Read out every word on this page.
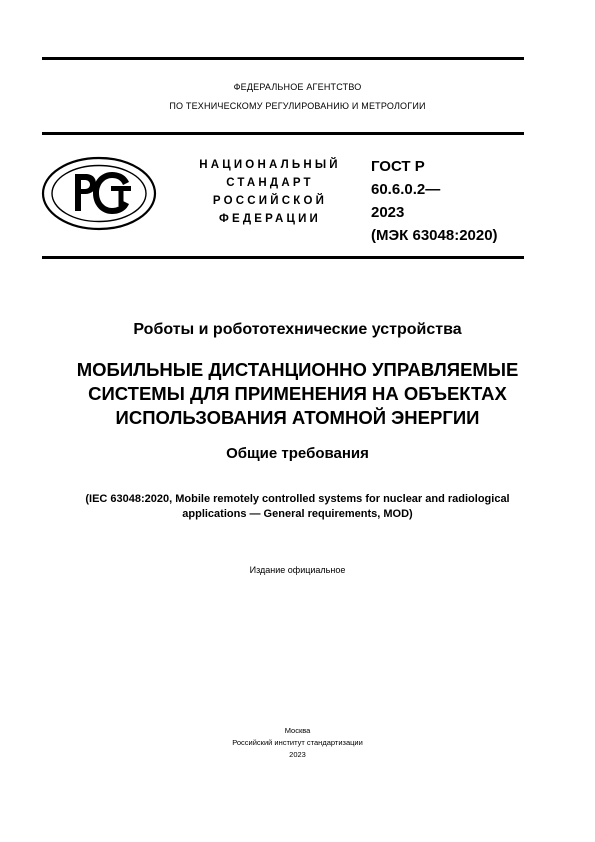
ФЕДЕРАЛЬНОЕ АГЕНТСТВО
ПО ТЕХНИЧЕСКОМУ РЕГУЛИРОВАНИЮ И МЕТРОЛОГИИ
НАЦИОНАЛЬНЫЙ
СТАНДАРТ
РОССИЙСКОЙ
ФЕДЕРАЦИИ
ГОСТ Р
60.6.0.2—
2023
(МЭК 63048:2020)
Роботы и робототехнические устройства
МОБИЛЬНЫЕ ДИСТАНЦИОННО УПРАВЛЯЕМЫЕ
СИСТЕМЫ ДЛЯ ПРИМЕНЕНИЯ НА ОБЪЕКТАХ
ИСПОЛЬЗОВАНИЯ АТОМНОЙ ЭНЕРГИИ
Общие требования
(IEC 63048:2020, Mobile remotely controlled systems for nuclear and radiological
applications — General requirements, MOD)
Издание официальное
Москва
Российский институт стандартизации
2023
